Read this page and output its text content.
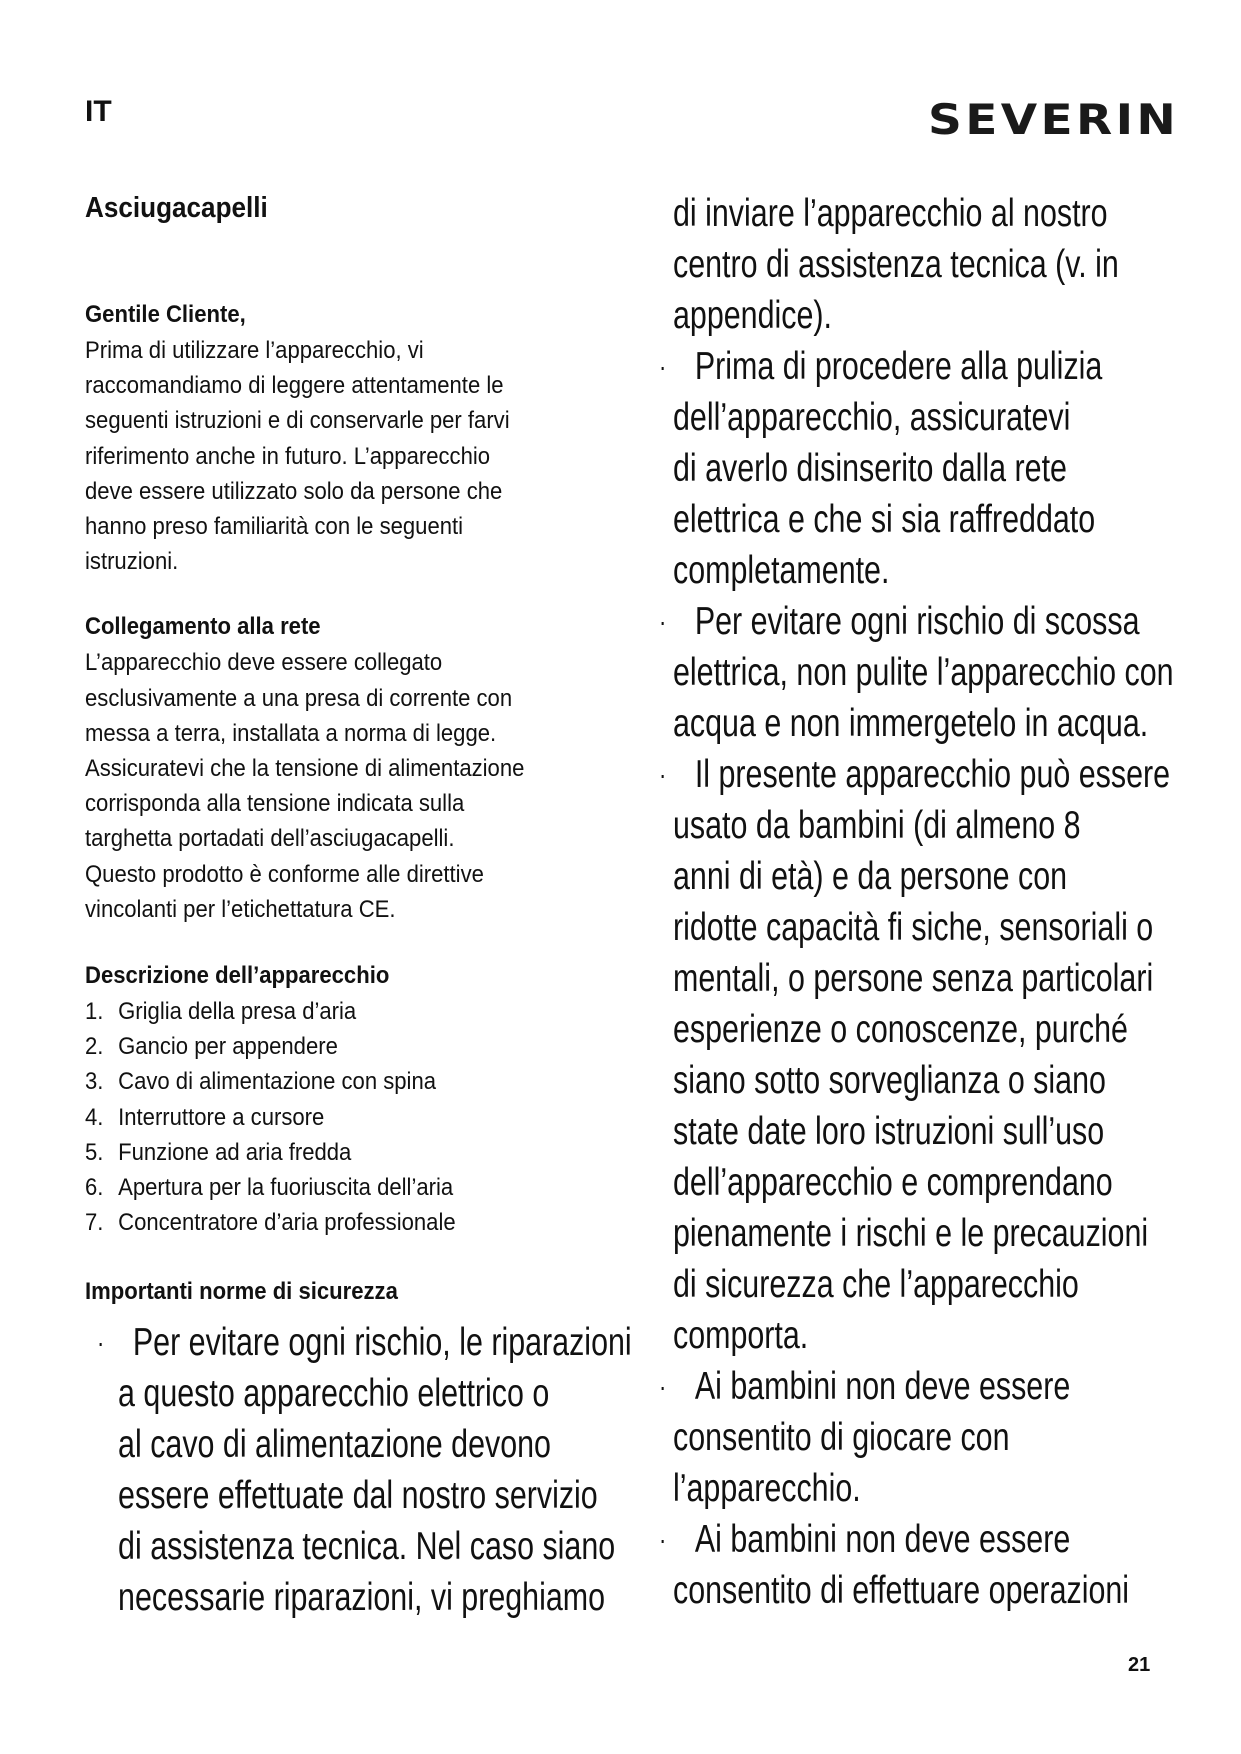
IT	SEVERIN
Asciugacapelli
Gentile Cliente,

Prima di utilizzare l’apparecchio, vi
raccomandiamo di leggere attentamente le
seguenti istruzioni e di conservarle per farvi
riferimento anche in futuro. L’apparecchio
deve essere utilizzato solo da persone che
hanno preso familiarità con le seguenti
istruzioni.

Collegamento alla rete

L’apparecchio deve essere collegato
esclusivamente a una presa di corrente con
messa a terra, installata a norma di legge.
Assicuratevi che la tensione di alimentazione
corrisponda alla tensione indicata sulla
targhetta portadati dell’asciugacapelli.
Questo prodotto è conforme alle direttive
vincolanti per l’etichettatura CE.

Descrizione dell’apparecchio
1. Griglia della presa d’aria
2. Gancio per appendere
3. Cavo di alimentazione con spina
4. Interruttore a cursore
5. Funzione ad aria fredda
6. Apertura per la fuoriuscita dell’aria
7. Concentratore d’aria professionale
Importanti norme di sicurezza
· Per evitare ogni rischio, le riparazioni
a questo apparecchio elettrico o
al cavo di alimentazione devono
essere effettuate dal nostro servizio
di assistenza tecnica. Nel caso siano
necessarie riparazioni, vi preghiamo
di inviare l’apparecchio al nostro
centro di assistenza tecnica (v. in
appendice).
· Prima di procedere alla pulizia
dell’apparecchio, assicuratevi
di averlo disinserito dalla rete
elettrica e che si sia raffreddato
completamente.
· Per evitare ogni rischio di scossa
elettrica, non pulite l’apparecchio con
acqua e non immergetelo in acqua.
· Il presente apparecchio può essere
usato da bambini (di almeno 8
anni di età) e da persone con
ridotte capacità fi siche, sensoriali o
mentali, o persone senza particolari
esperienze o conoscenze, purché
siano sotto sorveglianza o siano
state date loro istruzioni sull’uso
dell’apparecchio e comprendano
pienamente i rischi e le precauzioni
di sicurezza che l’apparecchio
comporta.
· Ai bambini non deve essere
consentito di giocare con
l’apparecchio.
· Ai bambini non deve essere
consentito di effettuare operazioni
21
